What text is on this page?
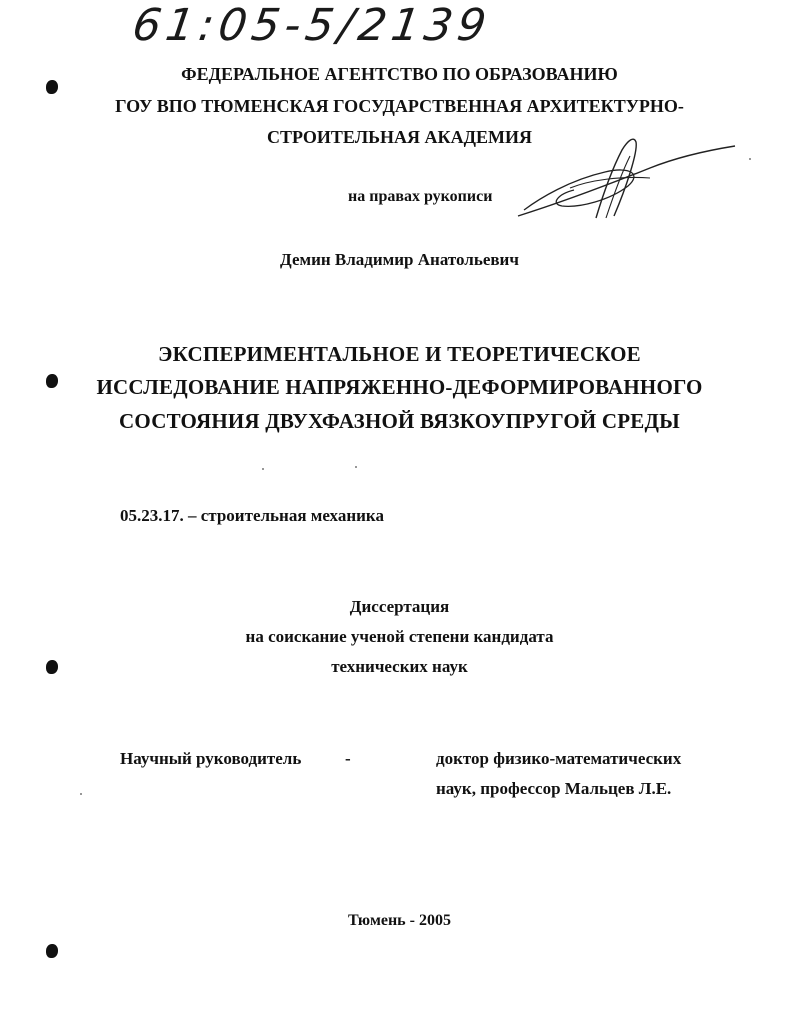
61:05-5/2139
ФЕДЕРАЛЬНОЕ АГЕНТСТВО ПО ОБРАЗОВАНИЮ
ГОУ ВПО ТЮМЕНСКАЯ ГОСУДАРСТВЕННАЯ АРХИТЕКТУРНО-
СТРОИТЕЛЬНАЯ АКАДЕМИЯ
на правах рукописи
Демин Владимир Анатольевич
ЭКСПЕРИМЕНТАЛЬНОЕ И ТЕОРЕТИЧЕСКОЕ
ИССЛЕДОВАНИЕ НАПРЯЖЕННО-ДЕФОРМИРОВАННОГО
СОСТОЯНИЯ ДВУХФАЗНОЙ ВЯЗКОУПРУГОЙ СРЕДЫ
05.23.17. – строительная механика
Диссертация
на соискание ученой степени кандидата
технических наук
Научный руководитель	-	доктор физико-математических
наук, профессор Мальцев Л.Е.
Тюмень - 2005
